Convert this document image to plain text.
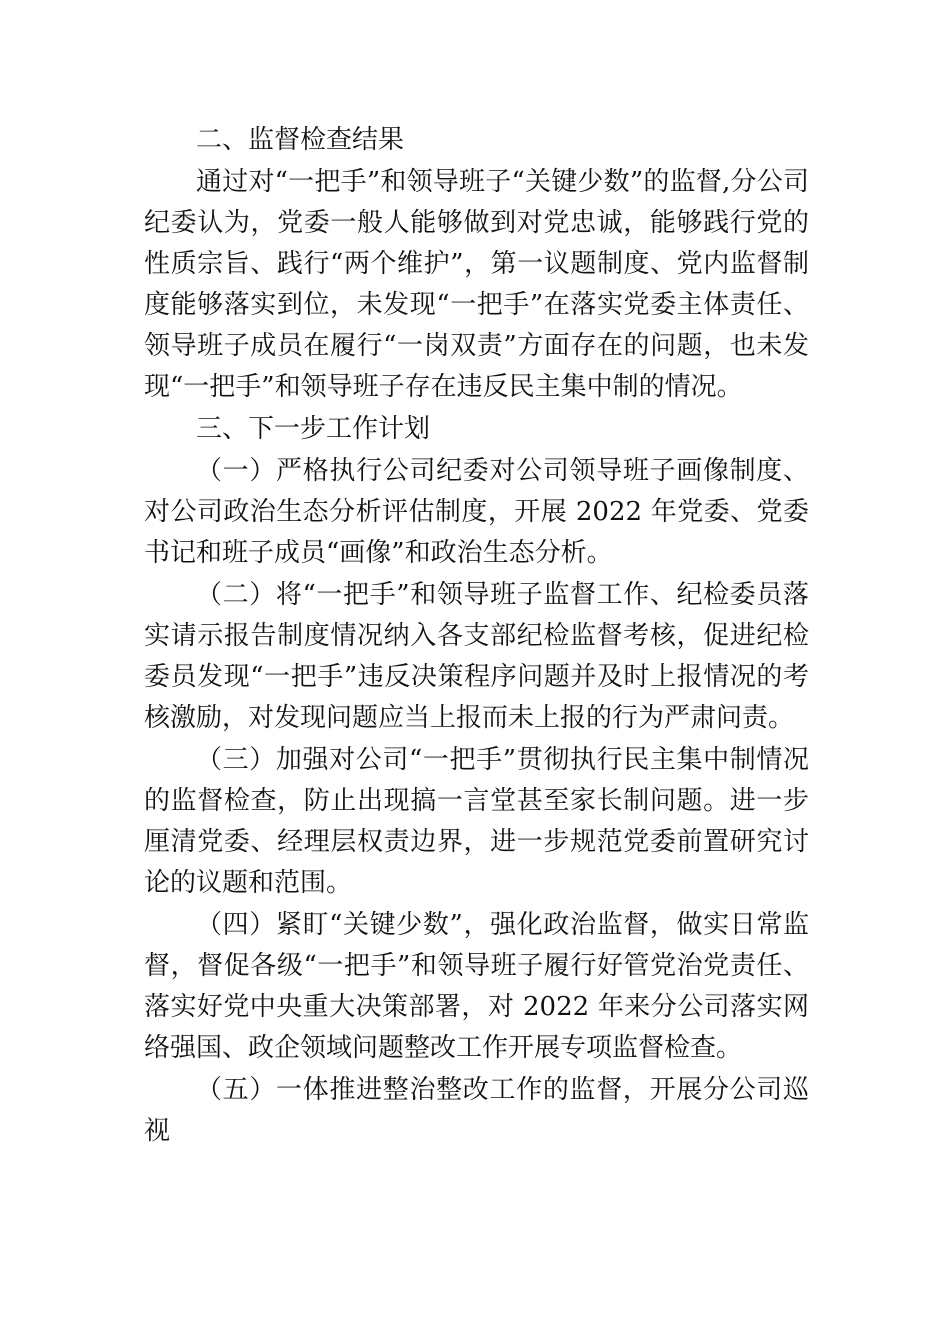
二、监督检查结果

通过对“一把手”和领导班子“关键少数”的监督,分公司纪委认为，党委一般人能够做到对党忠诚，能够践行党的性质宗旨、践行“两个维护”，第一议题制度、党内监督制度能够落实到位，未发现“一把手”在落实党委主体责任、 领导班子成员在履行“一岗双责”方面存在的问题，也未发现“一把手”和领导班子存在违反民主集中制的情况。

三、下一步工作计划

（一）严格执行公司纪委对公司领导班子画像制度、对公司政治生态分析评估制度，开展 2022 年党委、党委书记和班子成员“画像”和政治生态分析。

（二）将“一把手”和领导班子监督工作、纪检委员落实请示报告制度情况纳入各支部纪检监督考核，促进纪检委员发现“一把手”违反决策程序问题并及时上报情况的考核激励，对发现问题应当上报而未上报的行为严肃问责。

（三）加强对公司“一把手”贯彻执行民主集中制情况的监督检查，防止出现搞一言堂甚至家长制问题。进一步厘清党委、经理层权责边界，进一步规范党委前置研究讨论的议题和范围。

（四）紧盯“关键少数”，强化政治监督，做实日常监督，督促各级“一把手”和领导班子履行好管党治党责任、 落实好党中央重大决策部署，对 2022 年来分公司落实网络强国、政企领域问题整改工作开展专项监督检查。

（五）一体推进整治整改工作的监督，开展分公司巡视
